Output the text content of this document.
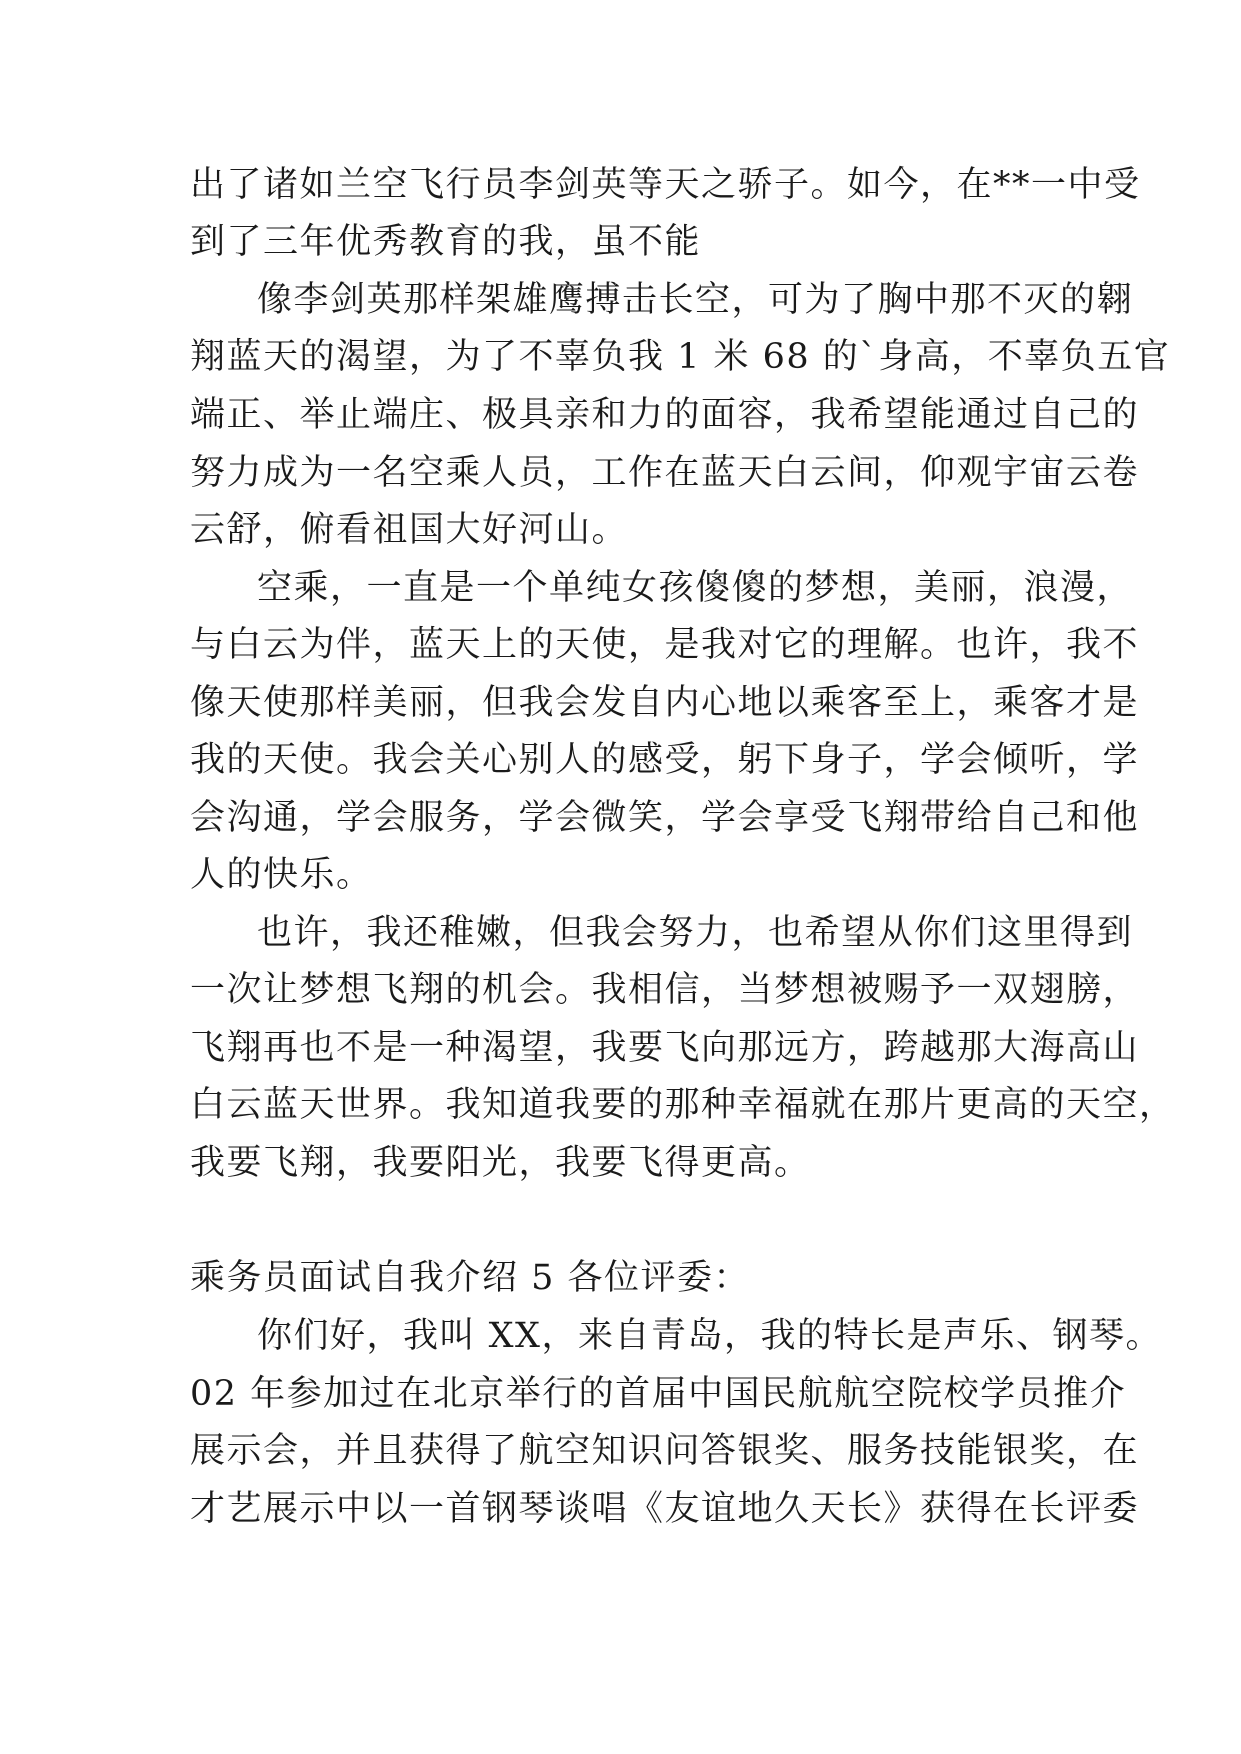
出了诸如兰空飞行员李剑英等天之骄子。如今，在**一中受
到了三年优秀教育的我，虽不能
像李剑英那样架雄鹰搏击长空，可为了胸中那不灭的翱
翔蓝天的渴望，为了不辜负我 1 米 68 的`身高，不辜负五官
端正、举止端庄、极具亲和力的面容，我希望能通过自己的
努力成为一名空乘人员，工作在蓝天白云间，仰观宇宙云卷
云舒，俯看祖国大好河山。
空乘，一直是一个单纯女孩傻傻的梦想，美丽，浪漫，
与白云为伴，蓝天上的天使，是我对它的理解。也许，我不
像天使那样美丽，但我会发自内心地以乘客至上，乘客才是
我的天使。我会关心别人的感受，躬下身子，学会倾听，学
会沟通，学会服务，学会微笑，学会享受飞翔带给自己和他
人的快乐。
也许，我还稚嫩，但我会努力，也希望从你们这里得到
一次让梦想飞翔的机会。我相信，当梦想被赐予一双翅膀，
飞翔再也不是一种渴望，我要飞向那远方，跨越那大海高山
白云蓝天世界。我知道我要的那种幸福就在那片更高的天空，
我要飞翔，我要阳光，我要飞得更高。
乘务员面试自我介绍 5 各位评委：
你们好，我叫 XX，来自青岛，我的特长是声乐、钢琴。
02 年参加过在北京举行的首届中国民航航空院校学员推介
展示会，并且获得了航空知识问答银奖、服务技能银奖，在
才艺展示中以一首钢琴谈唱《友谊地久天长》获得在长评委
